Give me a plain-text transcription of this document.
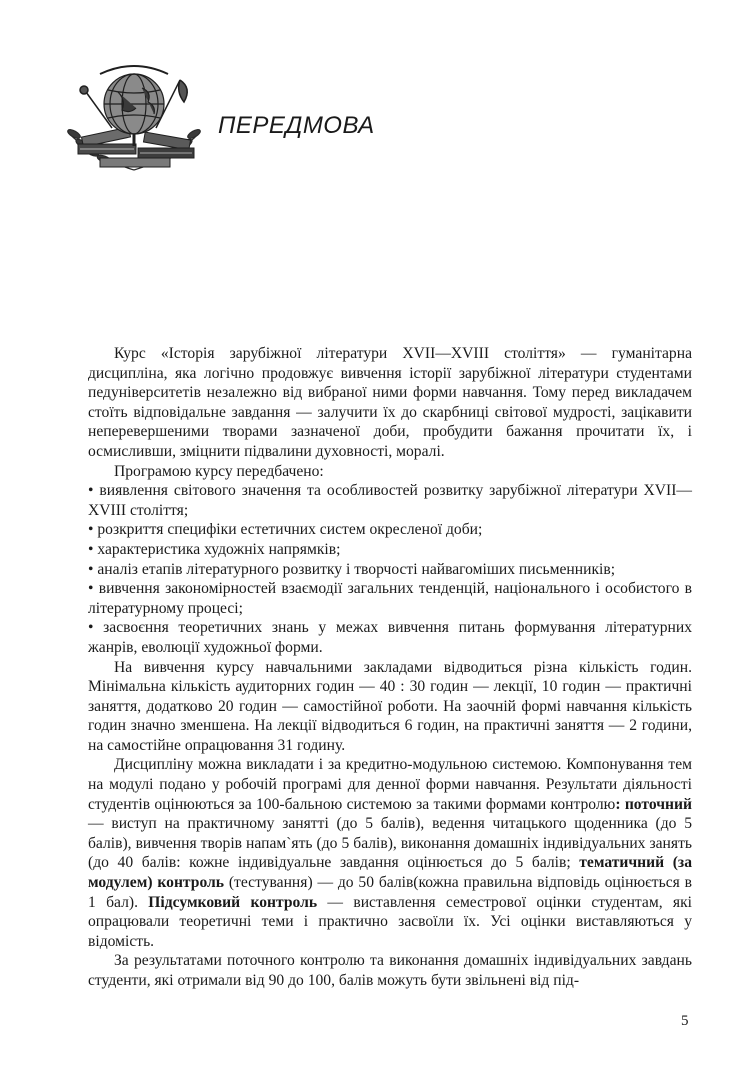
ПЕРЕДМОВА

Курс «Історія зарубіжної літератури XVII—XVIII століття» — гуманітарна дисципліна, яка логічно продовжує вивчення історії зарубіжної літератури студентами педуніверситетів незалежно від вибраної ними форми навчання. Тому перед викладачем стоїть відповідальне завдання — залучити їх до скарбниці світової мудрості, зацікавити неперевершеними творами зазначеної доби, пробудити бажання прочитати їх, і осмисливши, зміцнити підвалини духовності, моралі.

Програмою курсу передбачено:

• виявлення світового значення та особливостей розвитку зарубіжної літератури XVII—XVIII століття;

• розкриття специфіки естетичних систем окресленої доби;

• характеристика художніх напрямків;

• аналіз етапів літературного розвитку і творчості найвагоміших письменників;

• вивчення закономірностей взаємодії загальних тенденцій, національного і особистого в літературному процесі;

• засвоєння теоретичних знань у межах вивчення питань формування літературних жанрів, еволюції художньої форми.

На вивчення курсу навчальними закладами відводиться різна кількість годин. Мінімальна кількість аудиторних годин — 40 : 30 годин — лекції, 10 годин — практичні заняття, додатково 20 годин — самостійної роботи. На заочній формі навчання кількість годин значно зменшена. На лекції відводиться 6 годин, на практичні заняття — 2 години, на самостійне опрацювання 31 годину.

Дисципліну можна викладати і за кредитно-модульною системою. Компонування тем на модулі подано у робочій програмі для денної форми навчання. Результати діяльності студентів оцінюються за 100-бальною системою за такими формами контролю: поточний — виступ на практичному занятті (до 5 балів), ведення читацького щоденника (до 5 балів), вивчення творів напам`ять (до 5 балів), виконання домашніх індивідуальних занять (до 40 балів: кожне індивідуальне завдання оцінюється до 5 балів; тематичний (за модулем) контроль (тестування) — до 50 балів(кожна правильна відповідь оцінюється в 1 бал). Підсумковий контроль — виставлення семестрової оцінки студентам, які опрацювали теоретичні теми і практично засвоїли їх. Усі оцінки виставляються у відомість.

За результатами поточного контролю та виконання домашніх індивідуальних завдань студенти, які отримали від 90 до 100, балів можуть бути звільнені від під-

5
